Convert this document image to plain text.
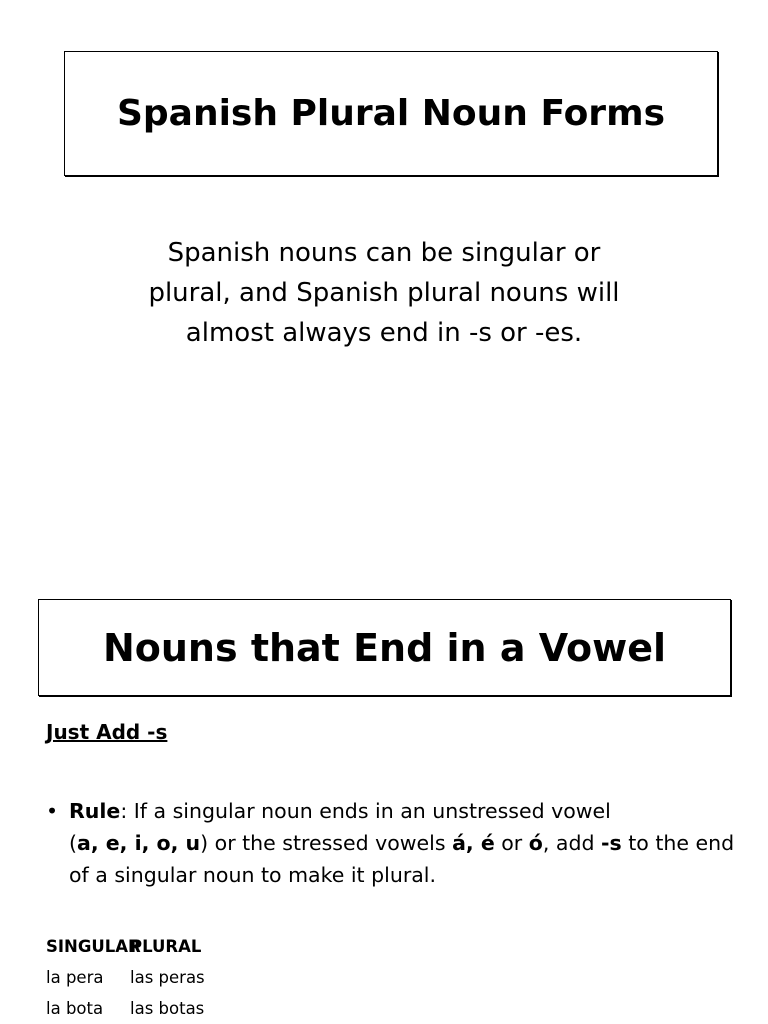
Spanish Plural Noun Forms
Spanish nouns can be singular or
plural, and Spanish plural nouns will
almost always end in -s or -es.
Nouns that End in a Vowel
Just Add -s
• Rule: If a singular noun ends in an unstressed vowel (a, e, i, o, u) or the stressed vowels á, é or ó, add -s to the end of a singular noun to make it plural.
SINGULAR
PLURAL
la pera	las peras
la bota	las botas
